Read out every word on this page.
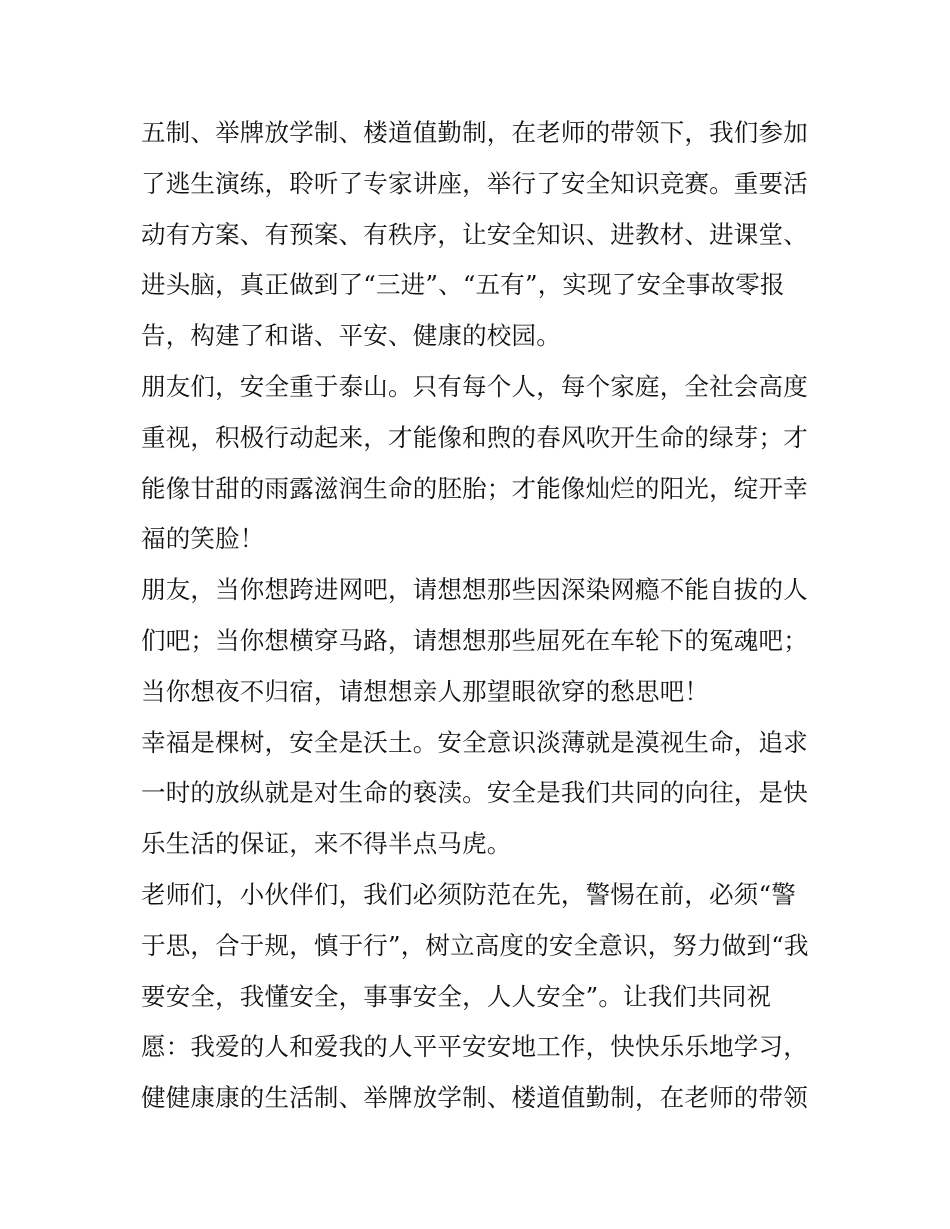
五制、举牌放学制、楼道值勤制，在老师的带领下，我们参加
了逃生演练，聆听了专家讲座，举行了安全知识竞赛。重要活
动有方案、有预案、有秩序，让安全知识、进教材、进课堂、
进头脑，真正做到了“三进”、“五有”，实现了安全事故零报
告，构建了和谐、平安、健康的校园。
朋友们，安全重于泰山。只有每个人，每个家庭，全社会高度
重视，积极行动起来，才能像和煦的春风吹开生命的绿芽；才
能像甘甜的雨露滋润生命的胚胎；才能像灿烂的阳光，绽开幸
福的笑脸！
朋友，当你想跨进网吧，请想想那些因深染网瘾不能自拔的人
们吧；当你想横穿马路，请想想那些屈死在车轮下的冤魂吧；
当你想夜不归宿，请想想亲人那望眼欲穿的愁思吧！
幸福是棵树，安全是沃土。安全意识淡薄就是漠视生命，追求
一时的放纵就是对生命的亵渎。安全是我们共同的向往，是快
乐生活的保证，来不得半点马虎。
老师们，小伙伴们，我们必须防范在先，警惕在前，必须“警
于思，合于规，慎于行”，树立高度的安全意识，努力做到“我
要安全，我懂安全，事事安全，人人安全”。让我们共同祝
愿：我爱的人和爱我的人平平安安地工作，快快乐乐地学习，
健健康康的生活制、举牌放学制、楼道值勤制，在老师的带领
